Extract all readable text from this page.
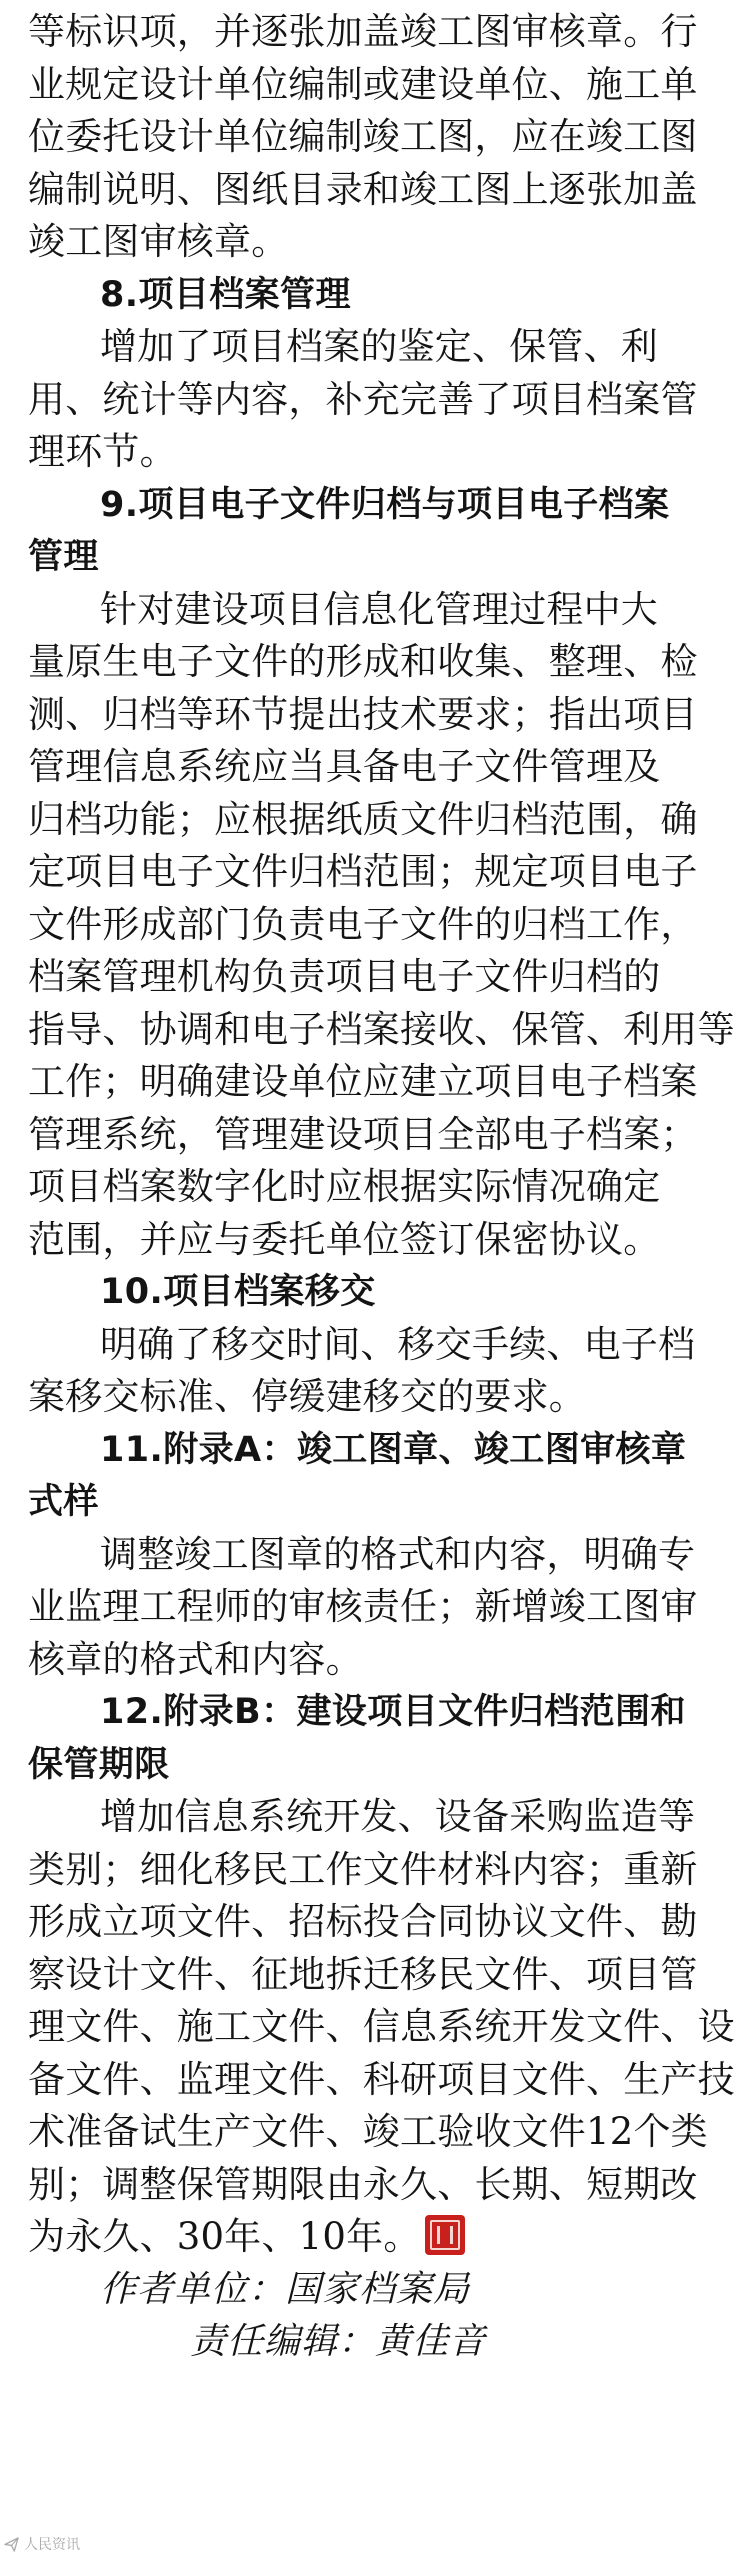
等标识项，并逐张加盖竣工图审核章。行
业规定设计单位编制或建设单位、施工单
位委托设计单位编制竣工图，应在竣工图
编制说明、图纸目录和竣工图上逐张加盖
竣工图审核章。
8.项目档案管理
增加了项目档案的鉴定、保管、利
用、统计等内容，补充完善了项目档案管
理环节。
9.项目电子文件归档与项目电子档案
管理
针对建设项目信息化管理过程中大
量原生电子文件的形成和收集、整理、检
测、归档等环节提出技术要求；指出项目
管理信息系统应当具备电子文件管理及
归档功能；应根据纸质文件归档范围，确
定项目电子文件归档范围；规定项目电子
文件形成部门负责电子文件的归档工作，
档案管理机构负责项目电子文件归档的
指导、协调和电子档案接收、保管、利用等
工作；明确建设单位应建立项目电子档案
管理系统，管理建设项目全部电子档案；
项目档案数字化时应根据实际情况确定
范围，并应与委托单位签订保密协议。
10.项目档案移交
明确了移交时间、移交手续、电子档
案移交标准、停缓建移交的要求。
11.附录A：竣工图章、竣工图审核章
式样
调整竣工图章的格式和内容，明确专
业监理工程师的审核责任；新增竣工图审
核章的格式和内容。
12.附录B：建设项目文件归档范围和
保管期限
增加信息系统开发、设备采购监造等
类别；细化移民工作文件材料内容；重新
形成立项文件、招标投合同协议文件、勘
察设计文件、征地拆迁移民文件、项目管
理文件、施工文件、信息系统开发文件、设
备文件、监理文件、科研项目文件、生产技
术准备试生产文件、竣工验收文件12个类
别；调整保管期限由永久、长期、短期改
为永久、30年、10年。
作者单位：国家档案局
责任编辑：黄佳音
人民资讯
